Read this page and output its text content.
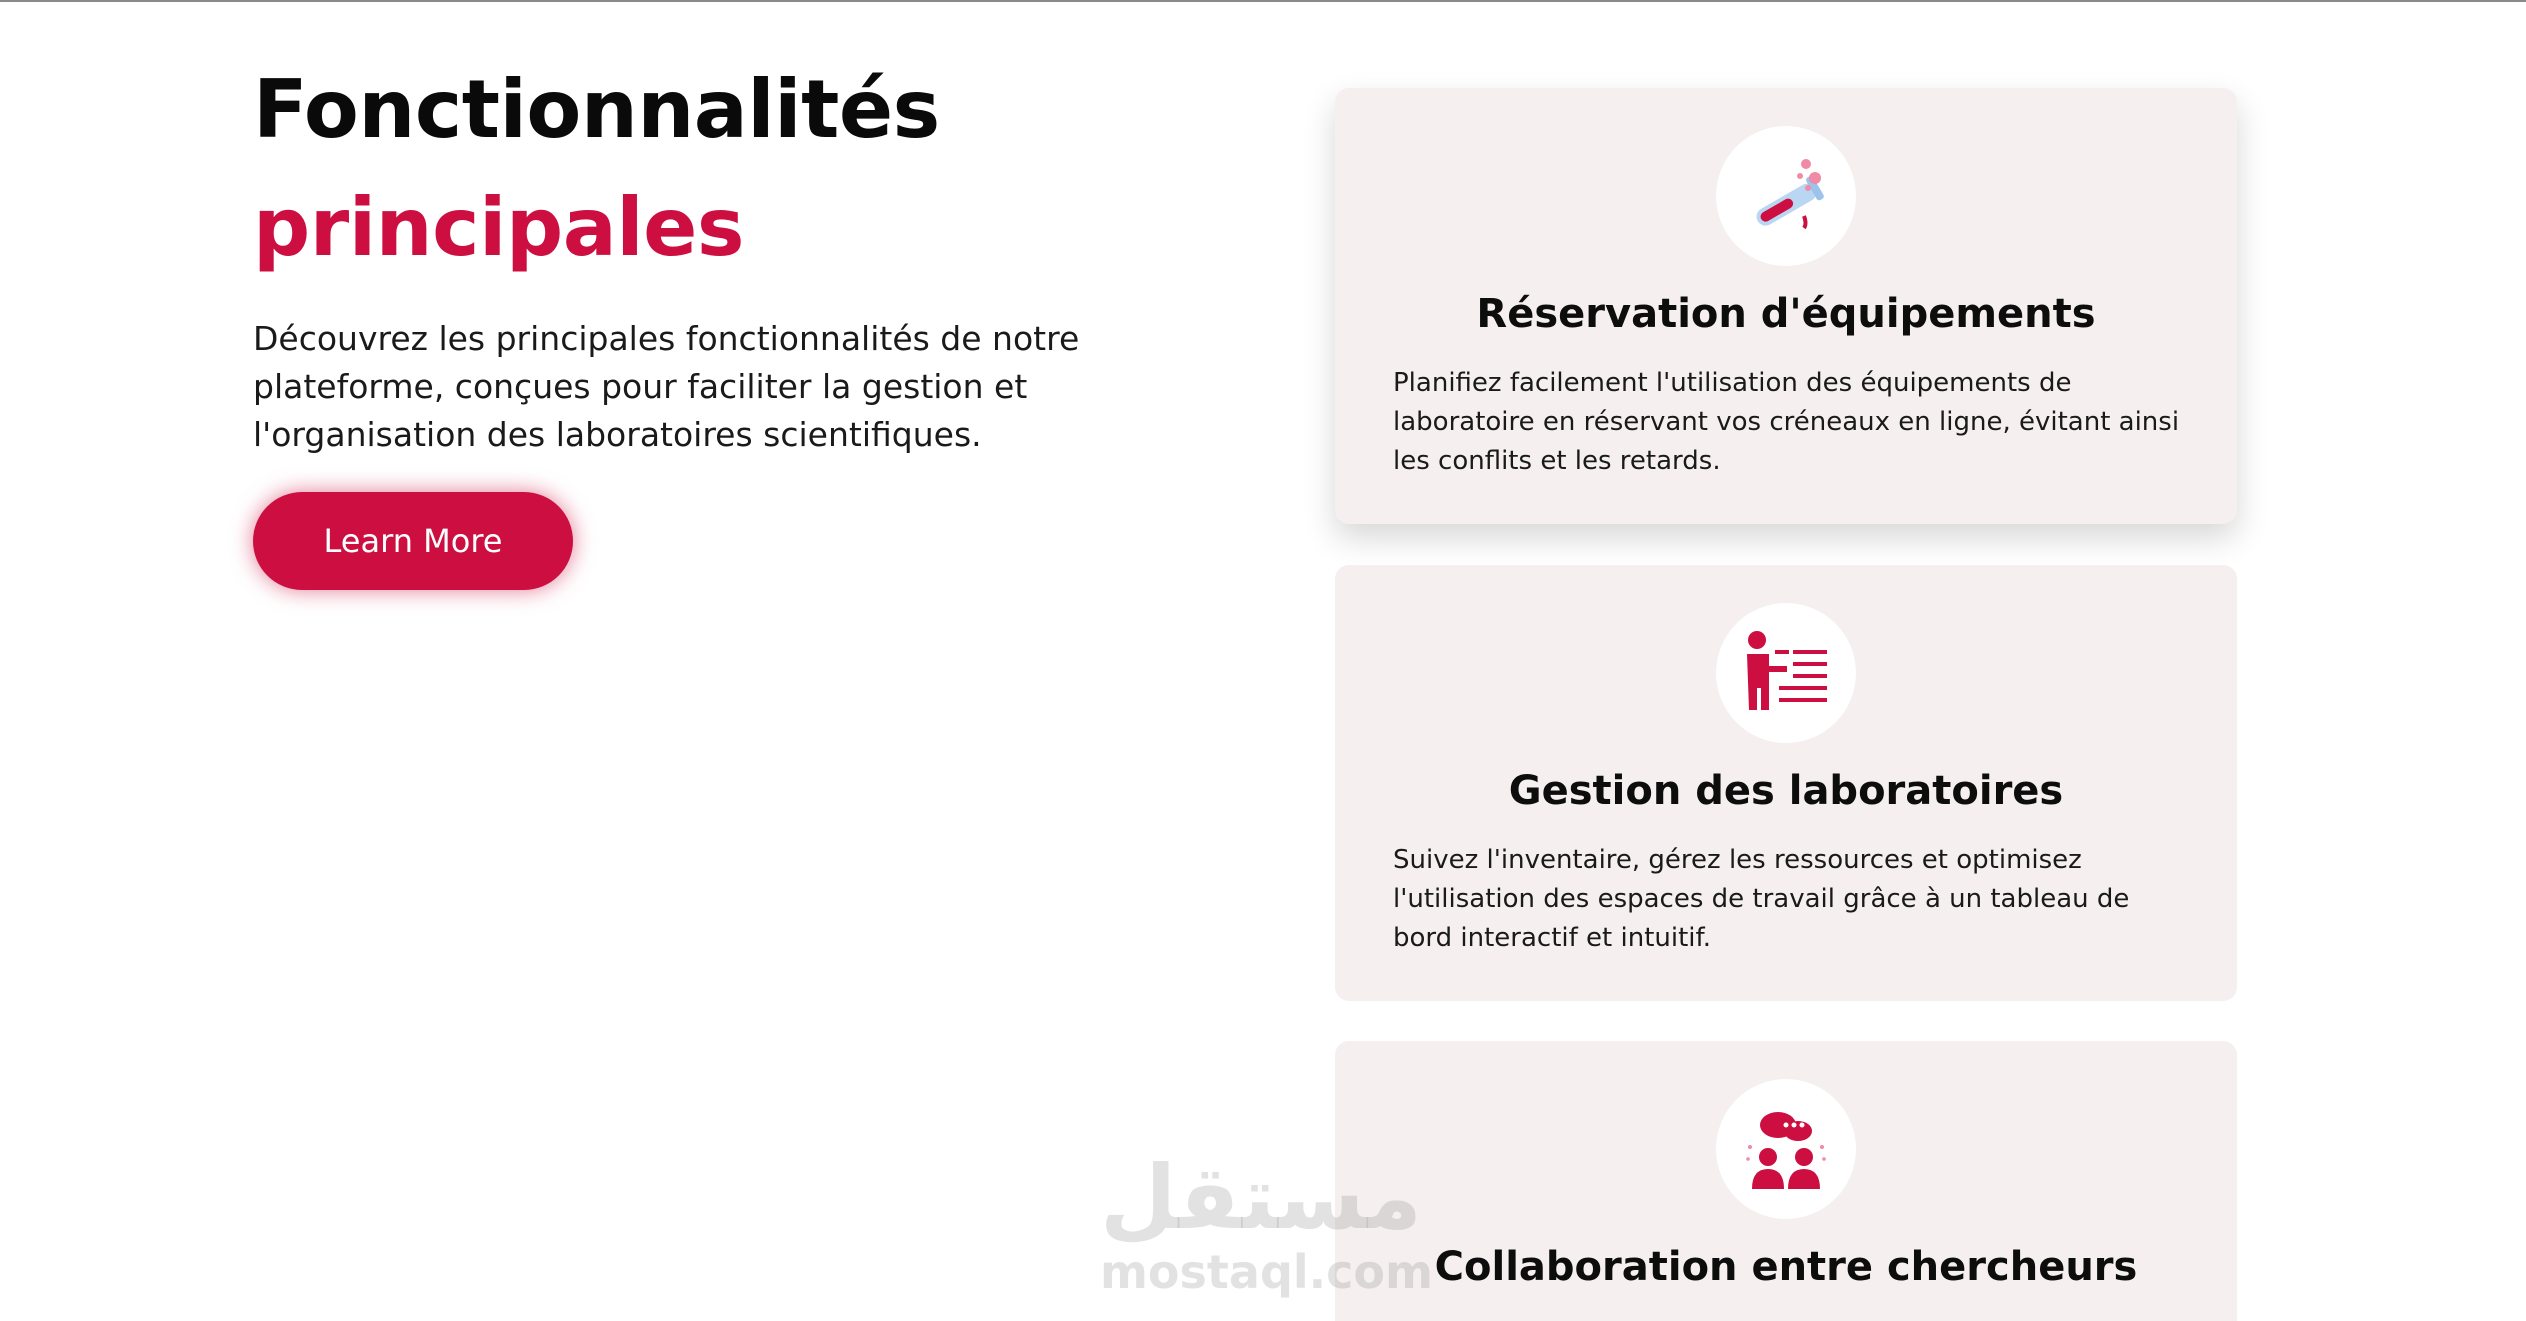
Fonctionnalités
principales

Découvrez les principales fonctionnalités de notre plateforme, conçues pour faciliter la gestion et l'organisation des laboratoires scientifiques.

Learn More
Réservation d'équipements
Planifiez facilement l'utilisation des équipements de laboratoire en réservant vos créneaux en ligne, évitant ainsi les conflits et les retards.
Gestion des laboratoires
Suivez l'inventaire, gérez les ressources et optimisez l'utilisation des espaces de travail grâce à un tableau de bord interactif et intuitif.
Collaboration entre chercheurs
مستقل
mostaql.com
